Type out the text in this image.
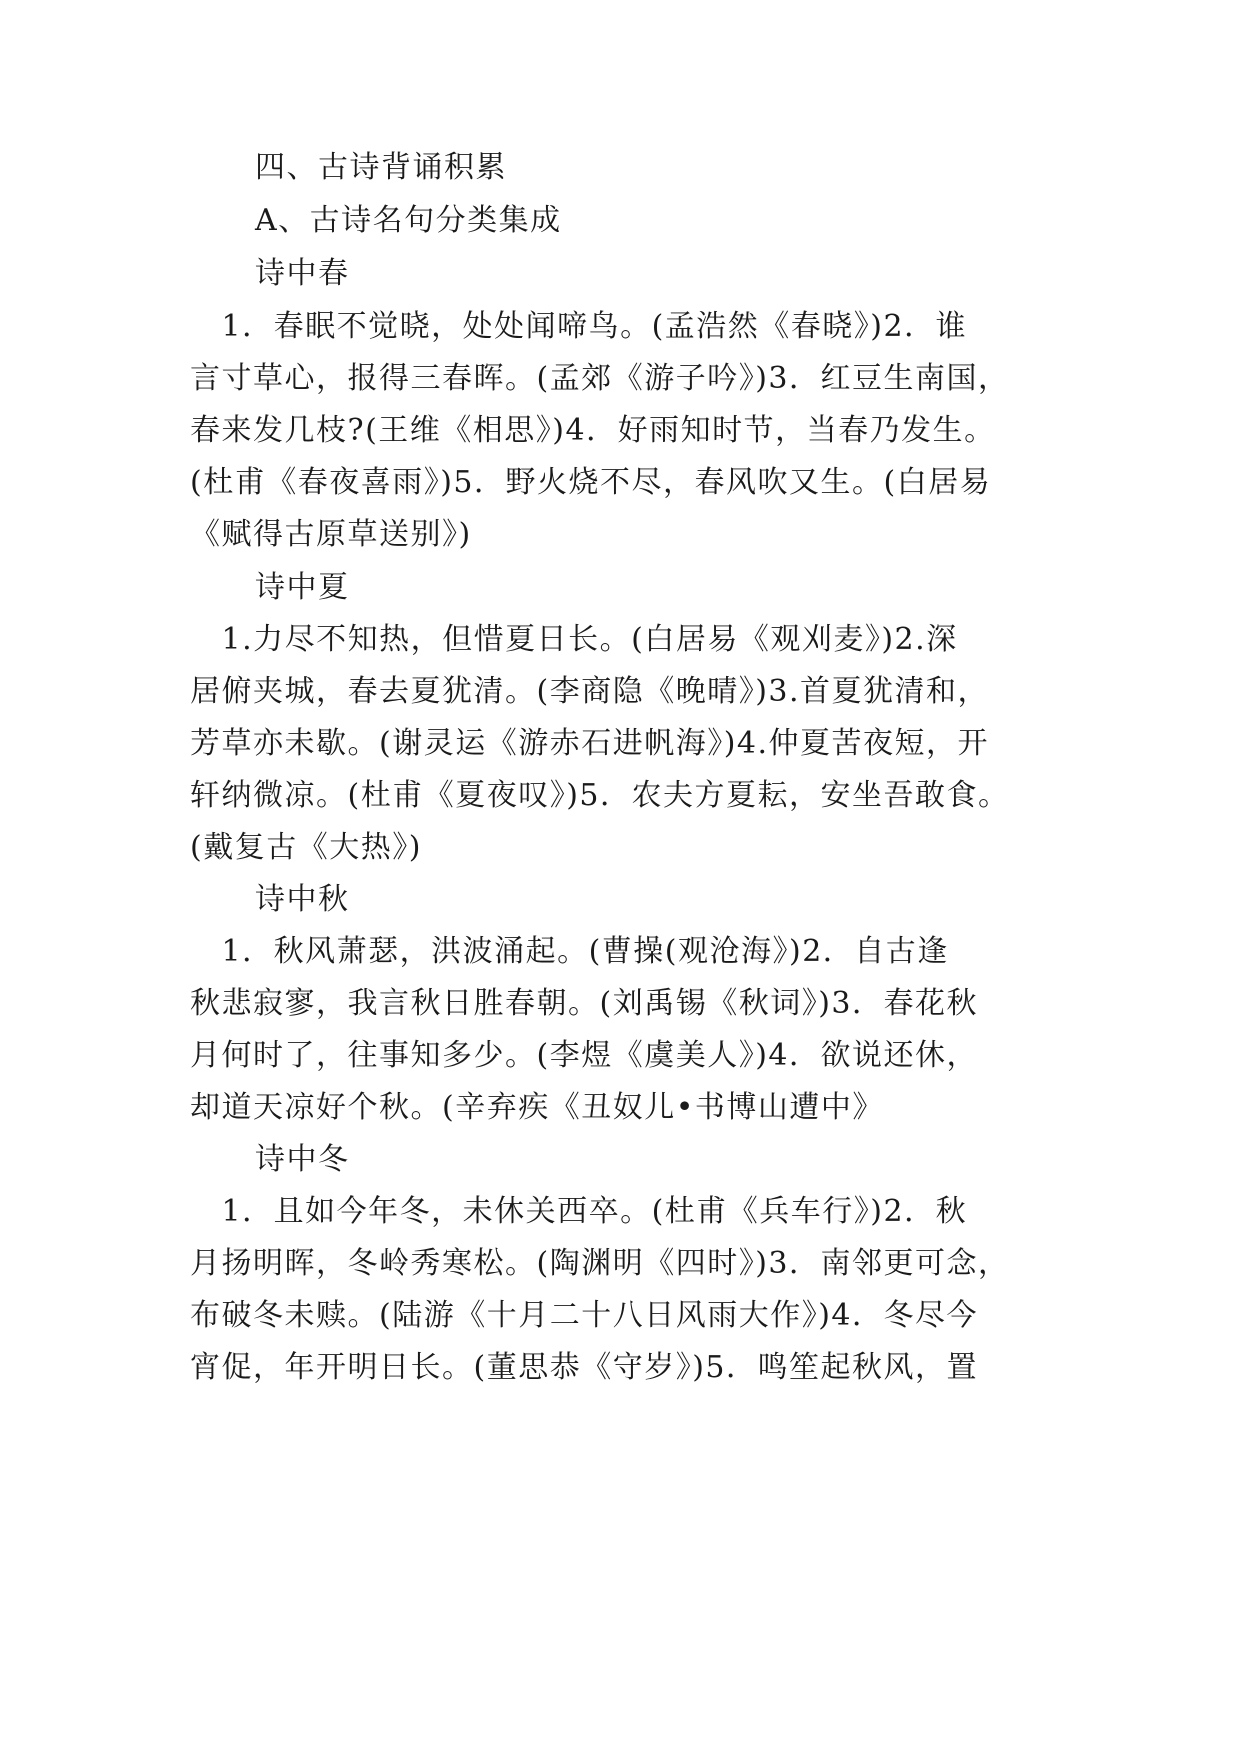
四、古诗背诵积累
A、古诗名句分类集成
诗中春
　1．春眠不觉晓，处处闻啼鸟。(孟浩然《春晓》)2．谁
言寸草心，报得三春晖。(孟郊《游子吟》)3．红豆生南国，
春来发几枝?(王维《相思》)4．好雨知时节，当春乃发生。
(杜甫《春夜喜雨》)5．野火烧不尽，春风吹又生。(白居易
《赋得古原草送别》)
诗中夏
　1.力尽不知热，但惜夏日长。(白居易《观刈麦》)2.深
居俯夹城，春去夏犹清。(李商隐《晚晴》)3.首夏犹清和，
芳草亦未歇。(谢灵运《游赤石进帆海》)4.仲夏苦夜短，开
轩纳微凉。(杜甫《夏夜叹》)5．农夫方夏耘，安坐吾敢食。
(戴复古《大热》)
诗中秋
　1．秋风萧瑟，洪波涌起。(曹操(观沧海》)2．自古逢
秋悲寂寥，我言秋日胜春朝。(刘禹锡《秋词》)3．春花秋
月何时了，往事知多少。(李煜《虞美人》)4．欲说还休，
却道天凉好个秋。(辛弃疾《丑奴儿•书博山遭中》
诗中冬
　1．且如今年冬，未休关西卒。(杜甫《兵车行》)2．秋
月扬明晖，冬岭秀寒松。(陶渊明《四时》)3．南邻更可念，
布破冬未赎。(陆游《十月二十八日风雨大作》)4．冬尽今
宵促，年开明日长。(董思恭《守岁》)5．鸣笙起秋风，置
